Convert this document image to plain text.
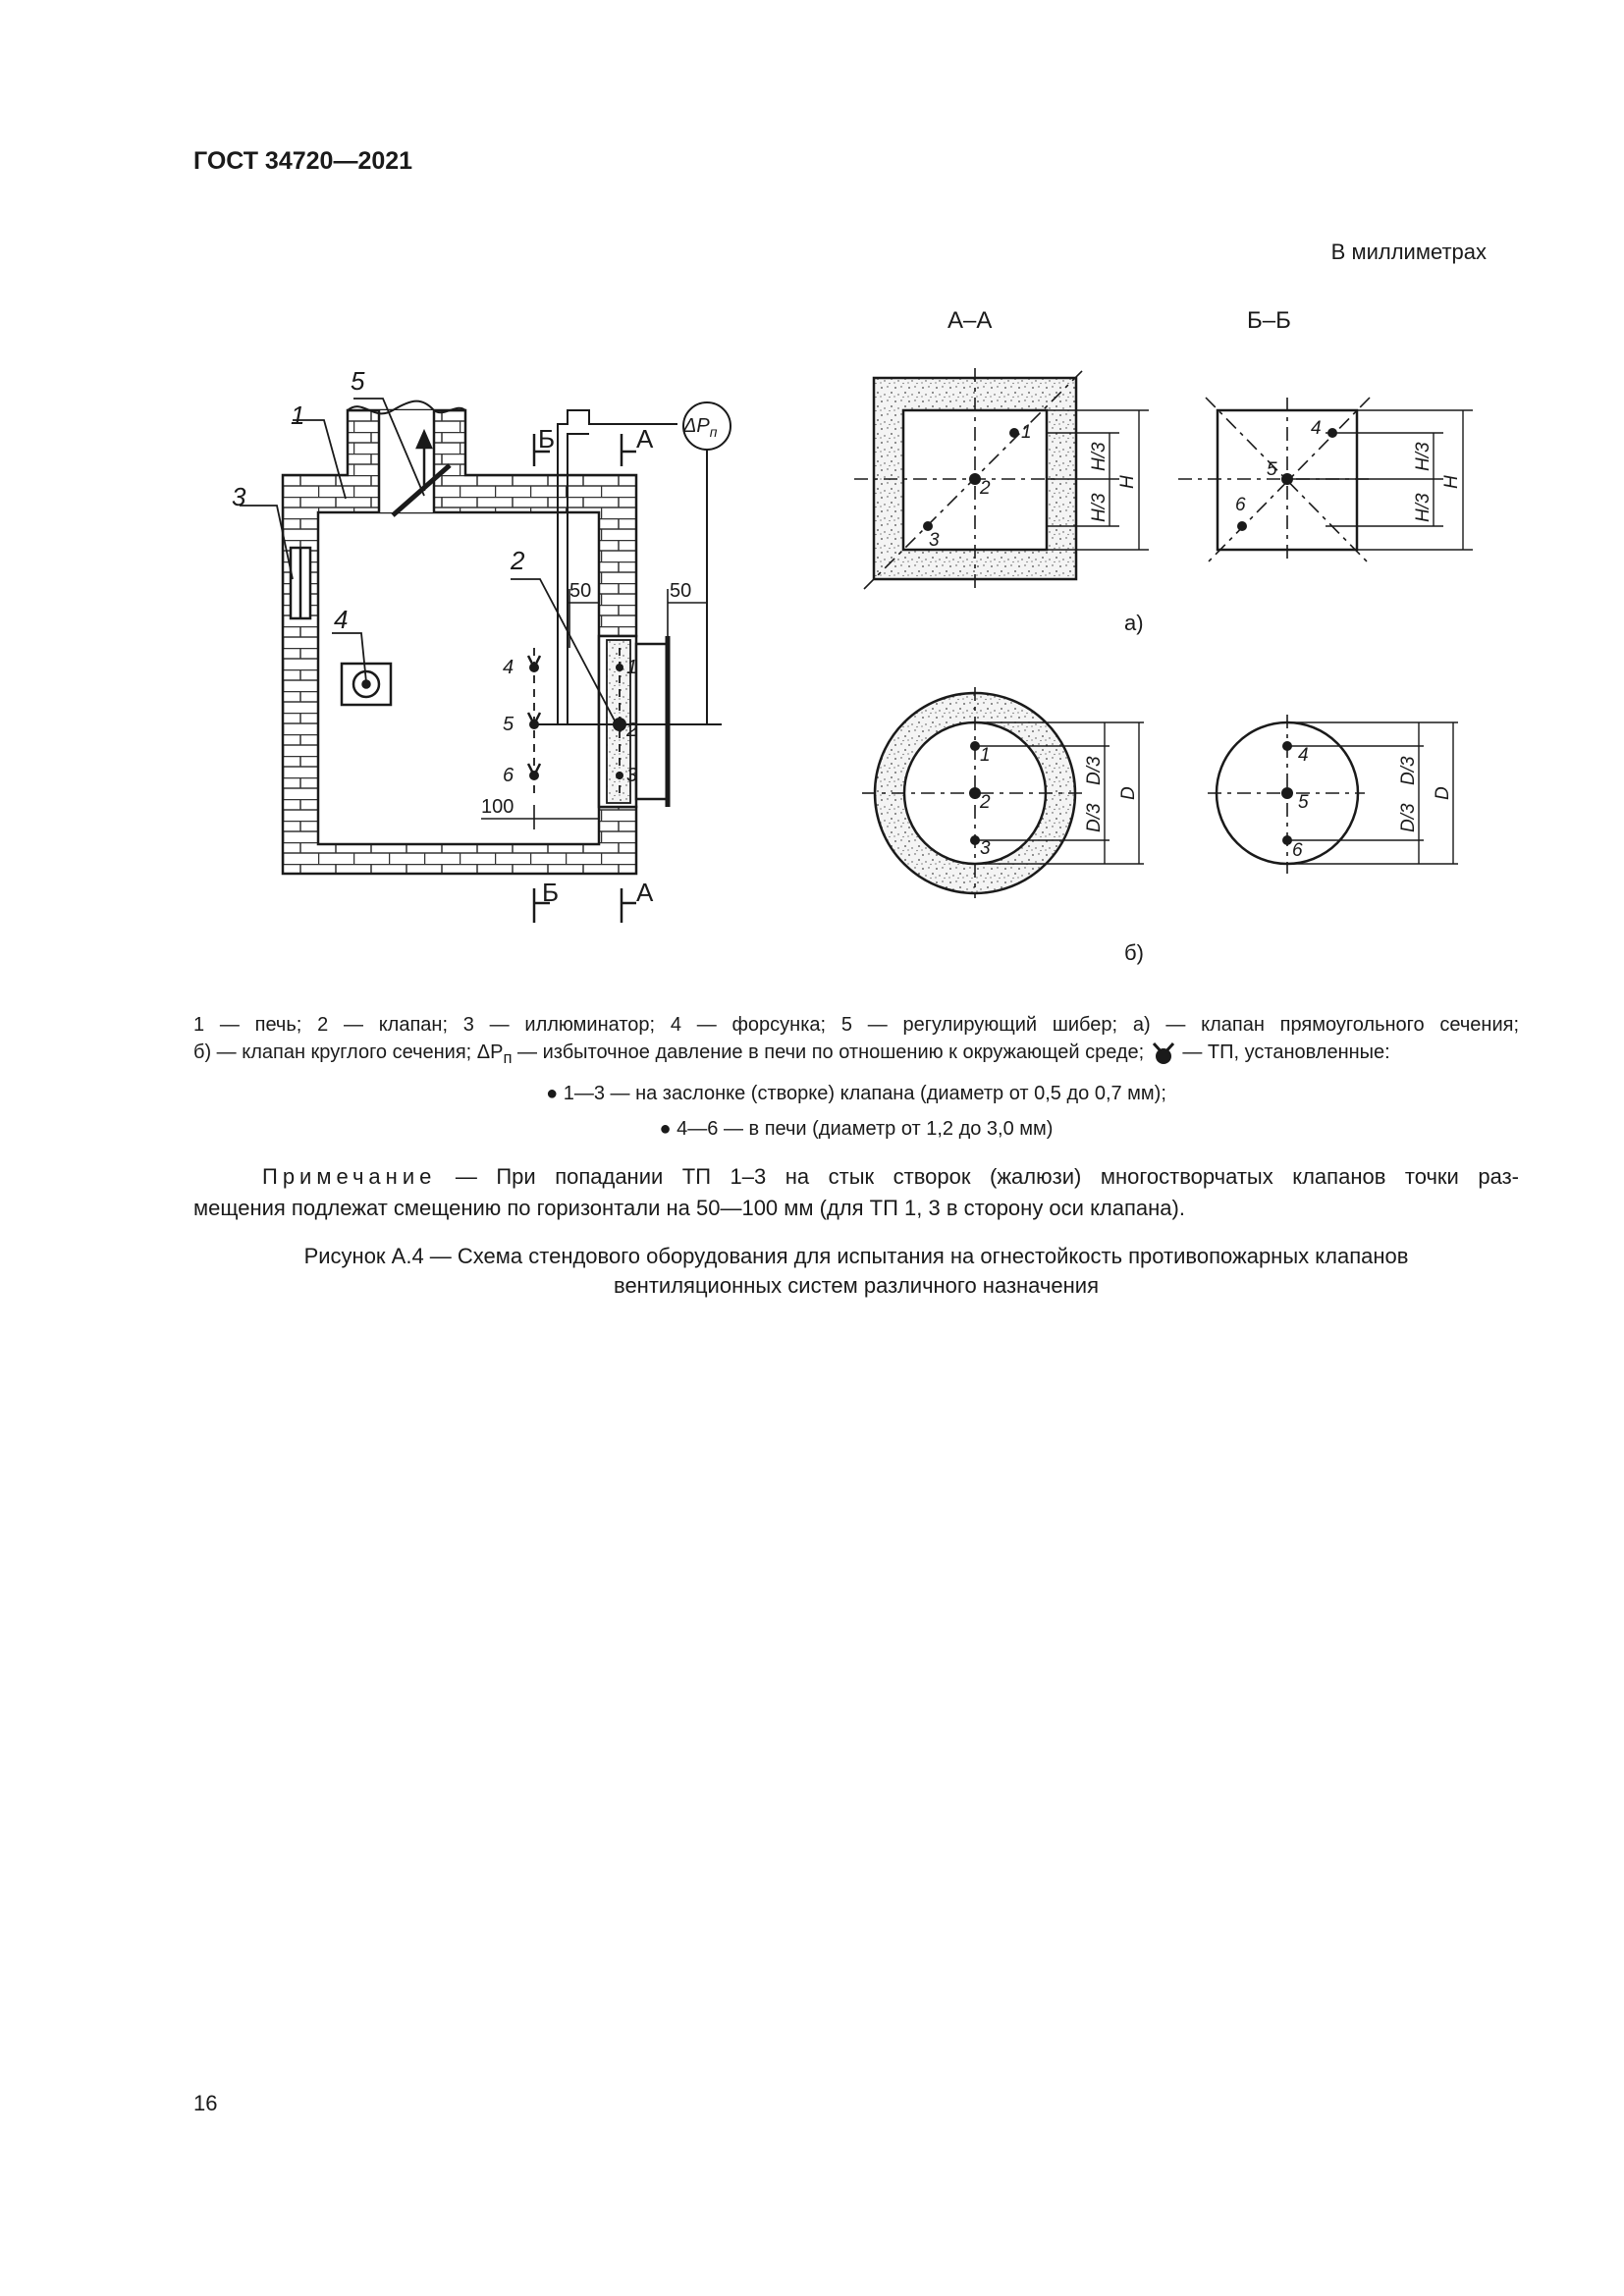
ГОСТ 34720—2021
В миллиметрах
5
1
3
2
4
Б	А
Б	А
$\Delta P_п$
50	50
100
4
5
6
1
2
3
А–А
1
2
3
H/3
H/3
H
а)
Б–Б
4
5
6
H/3
H/3
H
1
2
3
D/3
D/3
D
4
5
6
D/3
D/3
D
б)
1 — печь; 2 — клапан; 3 — иллюминатор; 4 — форсунка; 5 — регулирующий шибер; а) — клапан прямоугольного сечения;
б) — клапан круглого сечения; $\Delta P_п$ — избыточное давление в печи по отношению к окружающей среде; — ТП, установленные:
● 1—3 — на заслонке (створке) клапана (диаметр от 0,5 до 0,7 мм);
● 4—6 — в печи (диаметр от 1,2 до 3,0 мм)
Примечание — При попадании ТП 1–3 на стык створок (жалюзи) многостворчатых клапанов точки раз-
мещения подлежат смещению по горизонтали на 50—100 мм (для ТП 1, 3 в сторону оси клапана).
Рисунок А.4 — Схема стендового оборудования для испытания на огнестойкость противопожарных клапанов
вентиляционных систем различного назначения
16
